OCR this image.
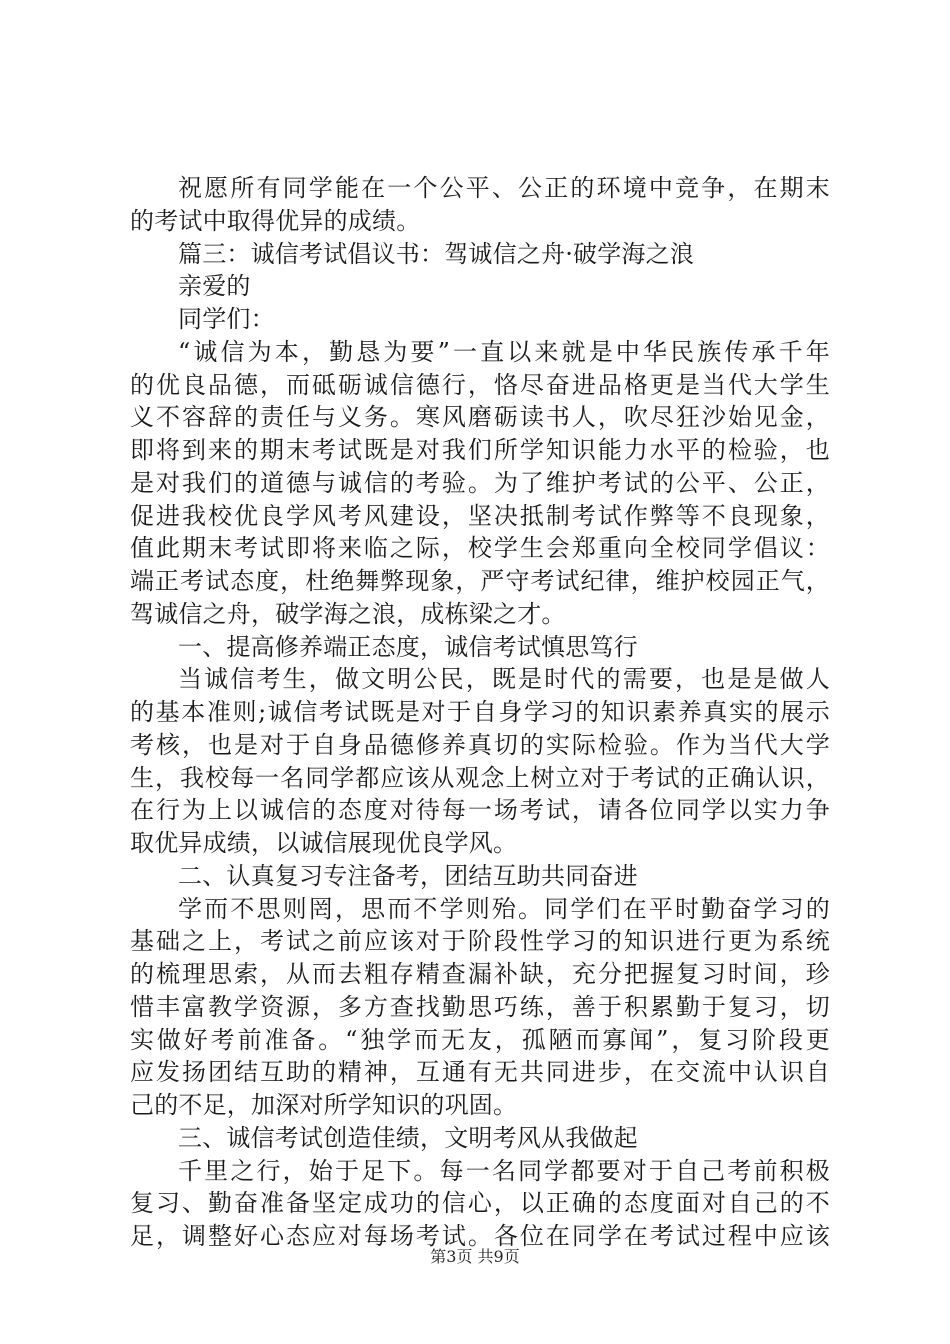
祝愿所有同学能在一个公平、公正的环境中竞争，在期末
的考试中取得优异的成绩。
篇三：诚信考试倡议书：驾诚信之舟·破学海之浪
亲爱的
同学们：
“诚信为本，勤恳为要”一直以来就是中华民族传承千年
的优良品德，而砥砺诚信德行，恪尽奋进品格更是当代大学生
义不容辞的责任与义务。寒风磨砺读书人，吹尽狂沙始见金，
即将到来的期末考试既是对我们所学知识能力水平的检验，也
是对我们的道德与诚信的考验。为了维护考试的公平、公正，
促进我校优良学风考风建设，坚决抵制考试作弊等不良现象，
值此期末考试即将来临之际，校学生会郑重向全校同学倡议：
端正考试态度，杜绝舞弊现象，严守考试纪律，维护校园正气，
驾诚信之舟，破学海之浪，成栋梁之才。
一、提高修养端正态度，诚信考试慎思笃行
当诚信考生，做文明公民，既是时代的需要，也是是做人
的基本准则;诚信考试既是对于自身学习的知识素养真实的展示
考核，也是对于自身品德修养真切的实际检验。作为当代大学
生，我校每一名同学都应该从观念上树立对于考试的正确认识，
在行为上以诚信的态度对待每一场考试，请各位同学以实力争
取优异成绩，以诚信展现优良学风。
二、认真复习专注备考，团结互助共同奋进
学而不思则罔，思而不学则殆。同学们在平时勤奋学习的
基础之上，考试之前应该对于阶段性学习的知识进行更为系统
的梳理思索，从而去粗存精查漏补缺，充分把握复习时间，珍
惜丰富教学资源，多方查找勤思巧练，善于积累勤于复习，切
实做好考前准备。“独学而无友，孤陋而寡闻”，复习阶段更
应发扬团结互助的精神，互通有无共同进步，在交流中认识自
己的不足，加深对所学知识的巩固。
三、诚信考试创造佳绩，文明考风从我做起
千里之行，始于足下。每一名同学都要对于自己考前积极
复习、勤奋准备坚定成功的信心，以正确的态度面对自己的不
足，调整好心态应对每场考试。各位在同学在考试过程中应该
第3页 共9页
